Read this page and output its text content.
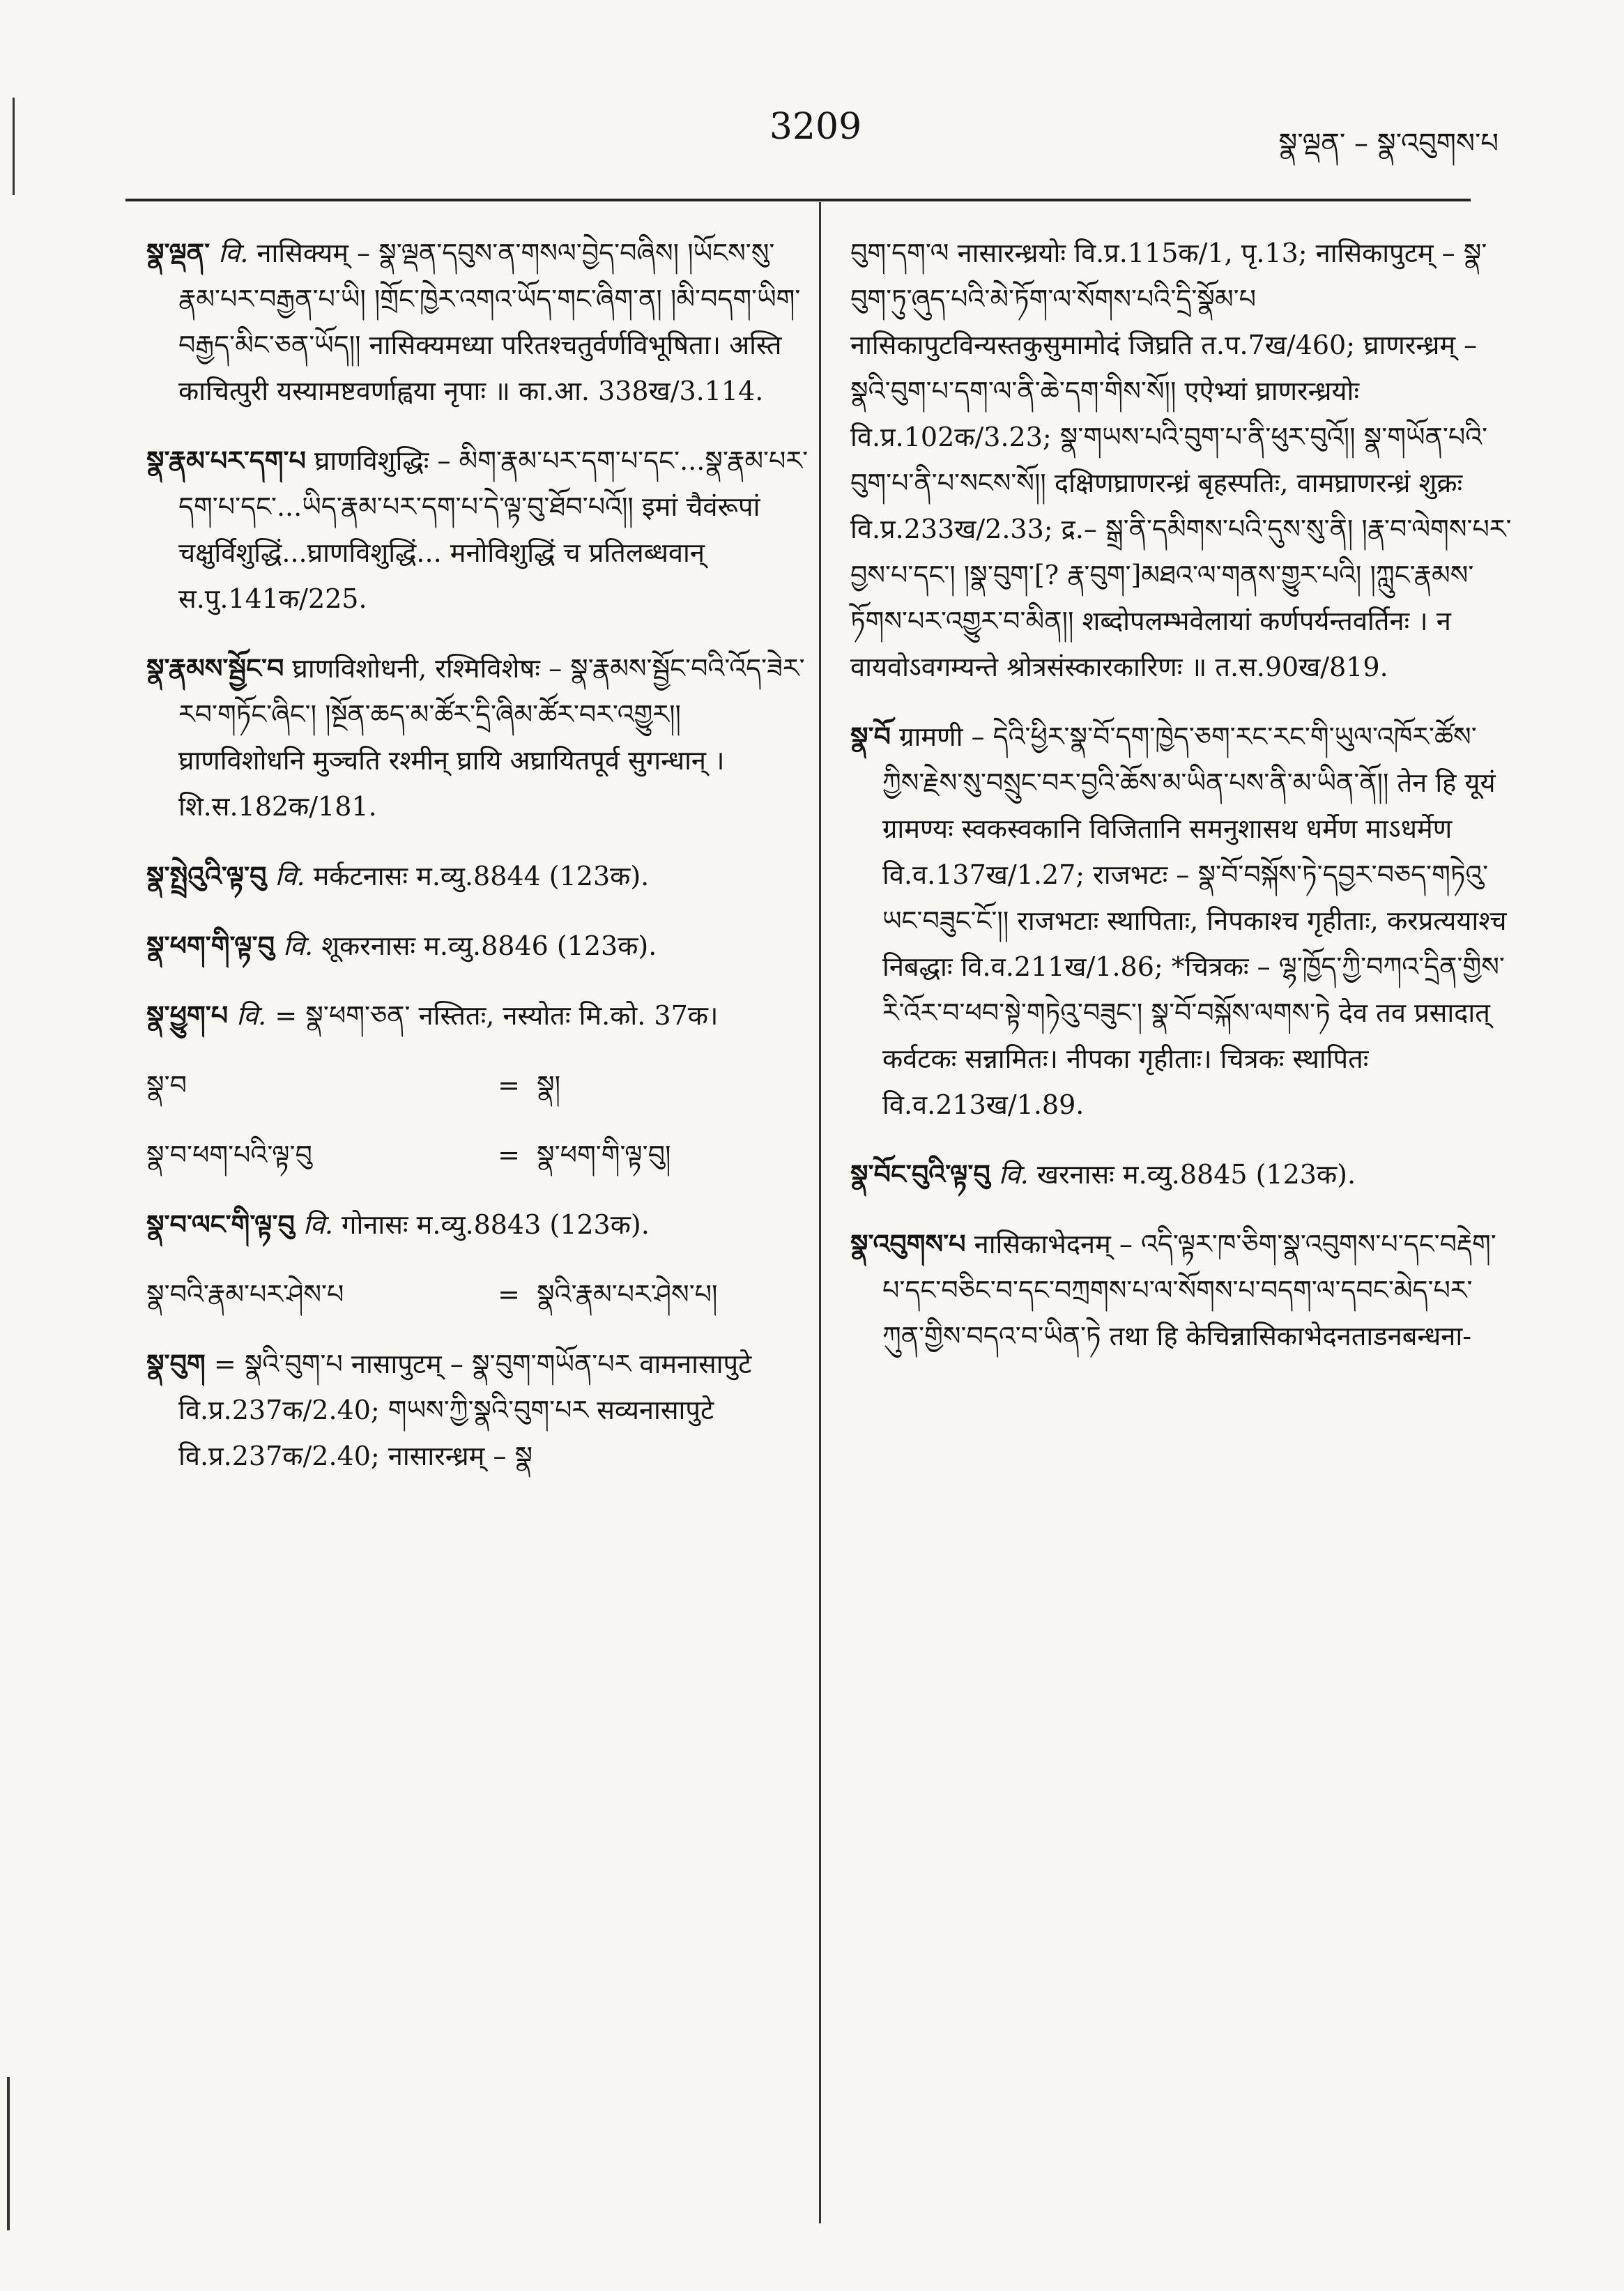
3209	སྣ་ལྡན་ – སྣ་འབུགས་པ
སྣ་ལྡན་ वि. नासिक्यम् – སྣ་ལྡན་དབུས་ན་གསལ་བྱེད་བཞིས། །ཡོངས་སུ་རྣམ་པར་བརྒྱན་པ་ཡི། །གྲོང་ཁྱེར་འགའ་ཡོད་གང་ཞིག་ན། །མི་བདག་ཡིག་བརྒྱད་མིང་ཅན་ཡོད།། नासिक्यमध्या परितश्चतुर्वर्णविभूषिता। अस्ति काचित्पुरी यस्यामष्टवर्णाह्वया नृपाः ॥ का.आ. 338ख/3.114.
སྣ་རྣམ་པར་དག་པ घ्राणविशुद्धिः – མིག་རྣམ་པར་དག་པ་དང་...སྣ་རྣམ་པར་དག་པ་དང་...ཡིད་རྣམ་པར་དག་པ་དེ་ལྟ་བུ་ཐོབ་པའོ།། इमां चैवंरूपां चक्षुर्विशुद्धिं...घ्राणविशुद्धिं... मनोविशुद्धिं च प्रतिलब्धवान् स.पु.141क/225.
སྣ་རྣམས་སྦྱོང་བ घ्राणविशोधनी, रश्मिविशेषः – སྣ་རྣམས་སྦྱོང་བའི་འོད་ཟེར་རབ་གཏོང་ཞིང་། །སྔོན་ཆད་མ་ཚོར་དྲི་ཞིམ་ཚོར་བར་འགྱུར།། घ्राणविशोधनि मुञ्चति रश्मीन् घ्रायि अघ्रायितपूर्व सुगन्धान् । शि.स.182क/181.
སྣ་སྤྲེའུའི་ལྟ་བུ वि. मर्कटनासः म.व्यु.8844 (123क).
སྣ་ཕག་གི་ལྟ་བུ वि. शूकरनासः म.व्यु.8846 (123क).
སྣ་ཕྱུག་པ वि. = སྣ་ཕག་ཅན་ नस्तितः, नस्योतः मि.को. 37क।
སྣ་བ	= སྣ།
སྣ་བ་ཕག་པའི་ལྟ་བུ	= སྣ་ཕག་གི་ལྟ་བུ།
སྣ་བ་ལང་གི་ལྟ་བུ वि. गोनासः म.व्यु.8843 (123क).
སྣ་བའི་རྣམ་པར་ཤེས་པ	= སྣའི་རྣམ་པར་ཤེས་པ།
སྣ་བུག = སྣའི་བུག་པ नासापुटम् – སྣ་བུག་གཡོན་པར वामनासापुटे वि.प्र.237क/2.40; གཡས་ཀྱི་སྣའི་བུག་པར सव्यनासापुटे वि.प्र.237क/2.40; नासारन्ध्रम् – སྣ
བུག་དག་ལ नासारन्ध्रयोः वि.प्र.115क/1, पृ.13; नासिकापुटम् – སྣ་བུག་ཏུ་ཞུད་པའི་མེ་ཏོག་ལ་སོགས་པའི་དྲི་སྣོམ་པ नासिकापुटविन्यस्तकुसुमामोदं जिघ्रति त.प.7ख/460; घ्राणरन्ध्रम् – སྣའི་བུག་པ་དག་ལ་ནི་ཆེ་དག་གིས་སོ།། एऐभ्यां घ्राणरन्ध्रयोः वि.प्र.102क/3.23; སྣ་གཡས་པའི་བུག་པ་ནི་ཕུར་བུའོ།། སྣ་གཡོན་པའི་བུག་པ་ནི་པ་སངས་སོ།། दक्षिणघ्राणरन्ध्रं बृहस्पतिः, वामघ्राणरन्ध्रं शुक्रः वि.प्र.233ख/2.33; द्र.– སྒྲ་ནི་དམིགས་པའི་དུས་སུ་ནི། །རྣ་བ་ལེགས་པར་བྱས་པ་དང་། །སྣ་བུག་[? རྣ་བུག་]མཐའ་ལ་གནས་གྱུར་པའི། །ཀླུང་རྣམས་ཏོགས་པར་འགྱུར་བ་མིན།། शब्दोपलम्भवेलायां कर्णपर्यन्तवर्तिनः । न वायवोऽवगम्यन्ते श्रोत्रसंस्कारकारिणः ॥ त.स.90ख/819.
སྣ་བོ ग्रामणी – དེའི་ཕྱིར་སྣ་བོ་དག་ཁྱེད་ཅག་རང་རང་གི་ཡུལ་འཁོར་ཚོས་ཀྱིས་རྗེས་སུ་བསྲུང་བར་བྱའི་ཆོས་མ་ཡིན་པས་ནི་མ་ཡིན་ནོ།། तेन हि यूयं ग्रामण्यः स्वकस्वकानि विजितानि समनुशासथ धर्मेण माऽधर्मेण वि.व.137ख/1.27; राजभटः – སྣ་བོ་བསྐོས་ཏེ་དབྱར་བཅད་གཏེའུ་ཡང་བཟུང་ངོ་།། राजभटाः स्थापिताः, निपकाश्च गृहीताः, करप्रत्ययाश्च निबद्धाः वि.व.211ख/1.86; *चित्रकः – ལྷ་ཁྱོད་ཀྱི་བཀའ་དྲིན་གྱིས་རི་འོར་བ་ཕབ་སྟེ་གཏེའུ་བཟུང་། སྣ་བོ་བསྐོས་ལགས་ཏེ देव तव प्रसादात् कर्वटकः सन्नामितः। नीपका गृहीताः। चित्रकः स्थापितः वि.व.213ख/1.89.
སྣ་བོང་བུའི་ལྟ་བུ वि. खरनासः म.व्यु.8845 (123क).
སྣ་འབུགས་པ नासिकाभेदनम् – འདི་ལྟར་ཁ་ཅིག་སྣ་འབུགས་པ་དང་བརྡེག་པ་དང་བཅིང་བ་དང་བཀྲགས་པ་ལ་སོགས་པ་བདག་ལ་དབང་མེད་པར་ཀུན་གྱིས་བདའ་བ་ཡིན་ཏེ तथा हि केचिन्नासिकाभेदनताडनबन्धना-
